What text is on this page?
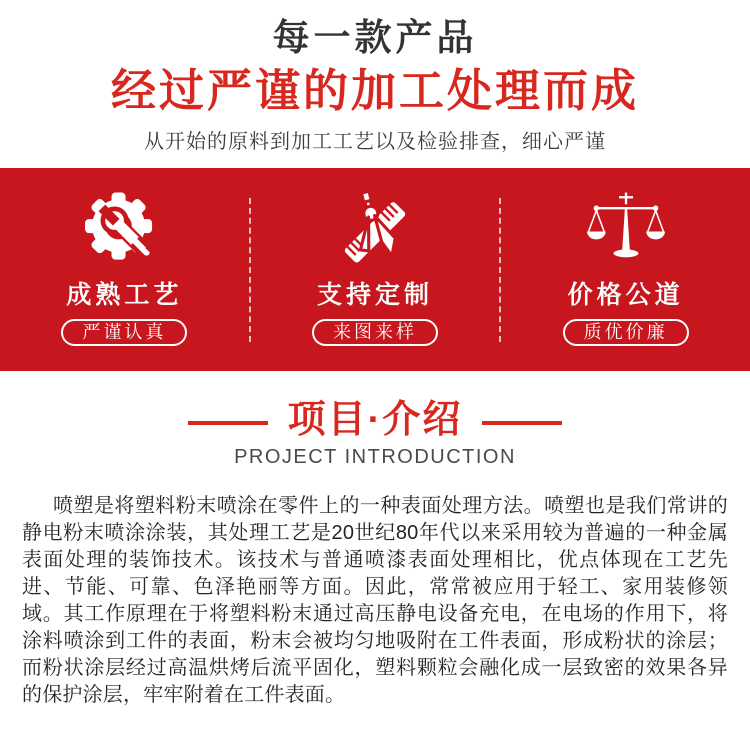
每一款产品
经过严谨的加工处理而成

从开始的原料到加工工艺以及检验排查，细心严谨

成熟工艺
严谨认真
支持定制
来图来样
价格公道
质优价廉
项目·介绍

PROJECT INTRODUCTION

喷塑是将塑料粉末喷涂在零件上的一种表面处理方法。喷塑也是我们常讲的静电粉末喷涂涂装，其处理工艺是20世纪80年代以来采用较为普遍的一种金属表面处理的装饰技术。该技术与普通喷漆表面处理相比，优点体现在工艺先进、节能、可靠、色泽艳丽等方面。因此，常常被应用于轻工、家用装修领域。其工作原理在于将塑料粉末通过高压静电设备充电，在电场的作用下，将涂料喷涂到工件的表面，粉末会被均匀地吸附在工件表面，形成粉状的涂层；而粉状涂层经过高温烘烤后流平固化，塑料颗粒会融化成一层致密的效果各异的保护涂层，牢牢附着在工件表面。
